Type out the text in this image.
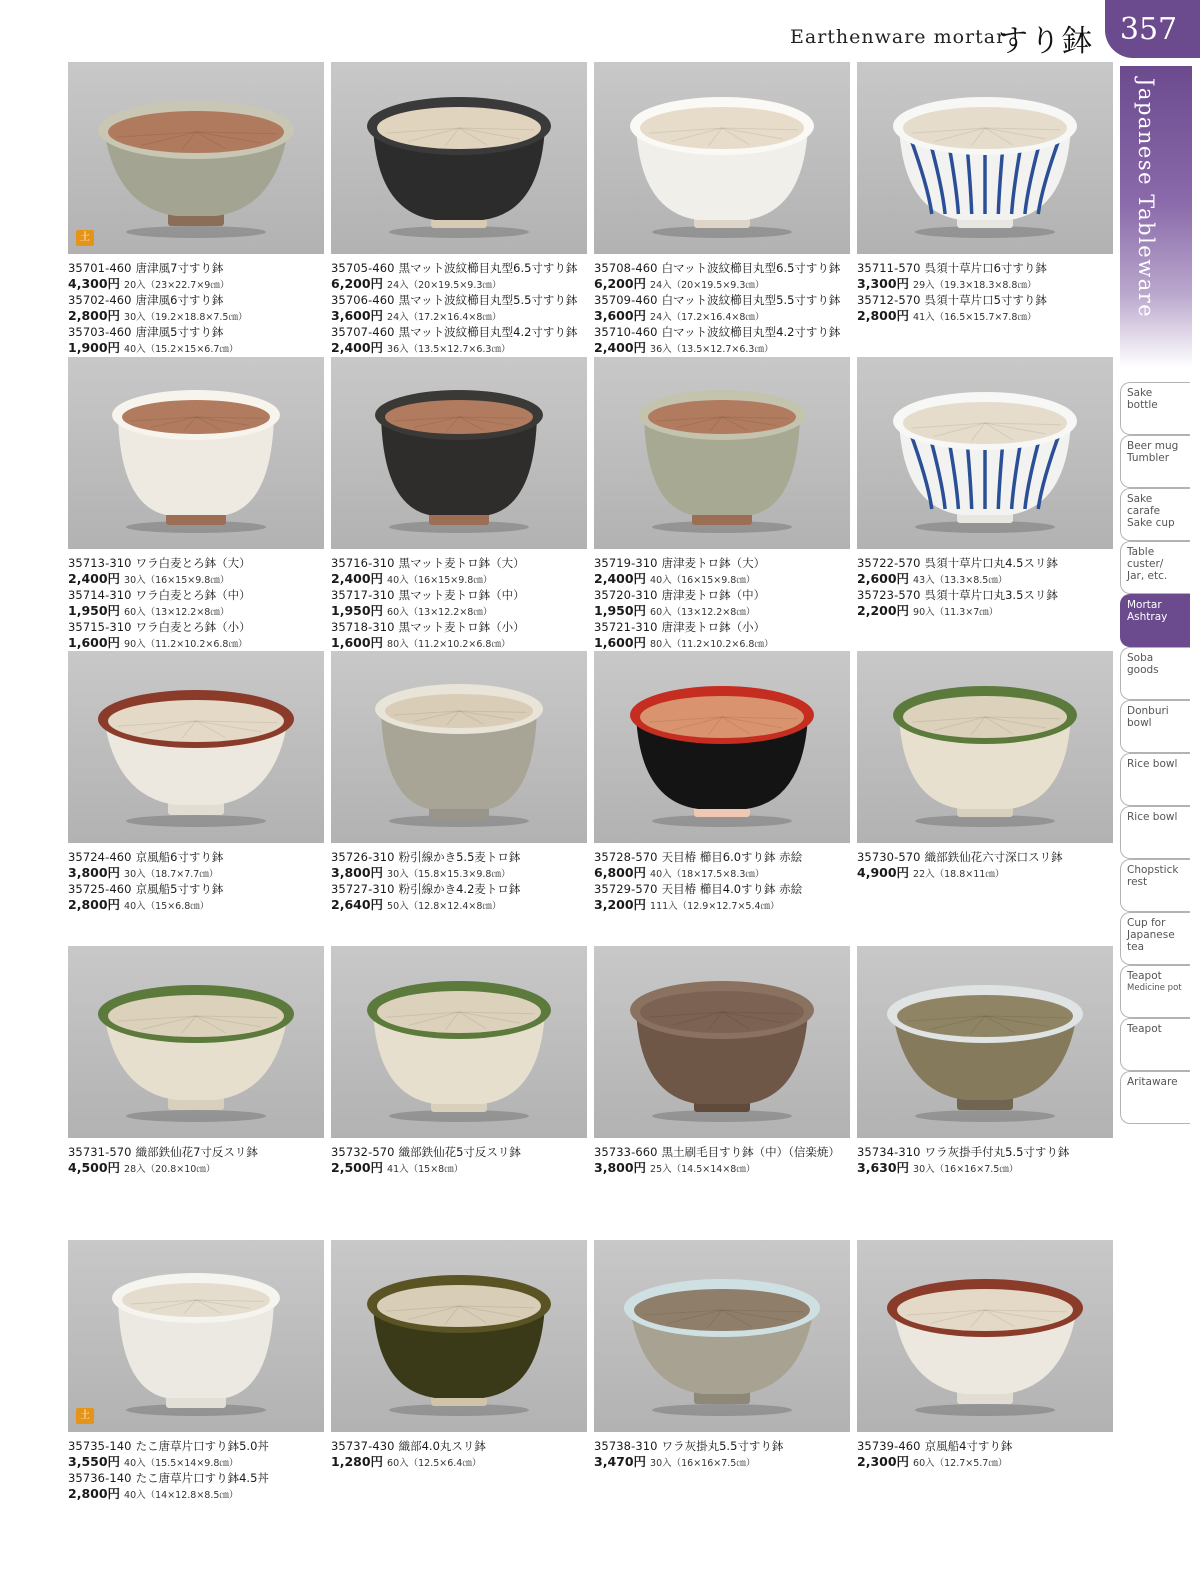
Earthenware mortar
すり鉢 357
Japanese Tableware
Sake
bottle
Beer mug
Tumbler
Sake
carafe
Sake cup
Table
custer/
Jar, etc.
Mortar
Ashtray
Soba
goods
Donburi
bowl
Rice bowl
Rice bowl
Chopstick
rest
Cup for
Japanese
tea
Teapot
Medicine pot
Teapot
Aritaware
土
35701-460 唐津風7寸すり鉢
4,300円 20入（23×22.7×9㎝）
35702-460 唐津風6寸すり鉢
2,800円 30入（19.2×18.8×7.5㎝）
35703-460 唐津風5寸すり鉢
1,900円 40入（15.2×15×6.7㎝）
35705-460 黒マット波紋櫛目丸型6.5寸すり鉢
6,200円 24入（20×19.5×9.3㎝）
35706-460 黒マット波紋櫛目丸型5.5寸すり鉢
3,600円 24入（17.2×16.4×8㎝）
35707-460 黒マット波紋櫛目丸型4.2寸すり鉢
2,400円 36入（13.5×12.7×6.3㎝）
35708-460 白マット波紋櫛目丸型6.5寸すり鉢
6,200円 24入（20×19.5×9.3㎝）
35709-460 白マット波紋櫛目丸型5.5寸すり鉢
3,600円 24入（17.2×16.4×8㎝）
35710-460 白マット波紋櫛目丸型4.2寸すり鉢
2,400円 36入（13.5×12.7×6.3㎝）
35711-570 呉須十草片口6寸すり鉢
3,300円 29入（19.3×18.3×8.8㎝）
35712-570 呉須十草片口5寸すり鉢
2,800円 41入（16.5×15.7×7.8㎝）
35713-310 ワラ白麦とろ鉢（大）
2,400円 30入（16×15×9.8㎝）
35714-310 ワラ白麦とろ鉢（中）
1,950円 60入（13×12.2×8㎝）
35715-310 ワラ白麦とろ鉢（小）
1,600円 90入（11.2×10.2×6.8㎝）
35716-310 黒マット麦トロ鉢（大）
2,400円 40入（16×15×9.8㎝）
35717-310 黒マット麦トロ鉢（中）
1,950円 60入（13×12.2×8㎝）
35718-310 黒マット麦トロ鉢（小）
1,600円 80入（11.2×10.2×6.8㎝）
35719-310 唐津麦トロ鉢（大）
2,400円 40入（16×15×9.8㎝）
35720-310 唐津麦トロ鉢（中）
1,950円 60入（13×12.2×8㎝）
35721-310 唐津麦トロ鉢（小）
1,600円 80入（11.2×10.2×6.8㎝）
35722-570 呉須十草片口丸4.5スリ鉢
2,600円 43入（13.3×8.5㎝）
35723-570 呉須十草片口丸3.5スリ鉢
2,200円 90入（11.3×7㎝）
35724-460 京風船6寸すり鉢
3,800円 30入（18.7×7.7㎝）
35725-460 京風船5寸すり鉢
2,800円 40入（15×6.8㎝）
35726-310 粉引線かき5.5麦トロ鉢
3,800円 30入（15.8×15.3×9.8㎝）
35727-310 粉引線かき4.2麦トロ鉢
2,640円 50入（12.8×12.4×8㎝）
35728-570 天目椿 櫛目6.0すり鉢 赤絵
6,800円 40入（18×17.5×8.3㎝）
35729-570 天目椿 櫛目4.0すり鉢 赤絵
3,200円 111入（12.9×12.7×5.4㎝）
35730-570 織部鉄仙花六寸深口スリ鉢
4,900円 22入（18.8×11㎝）
35731-570 織部鉄仙花7寸反スリ鉢
4,500円 28入（20.8×10㎝）
35732-570 織部鉄仙花5寸反スリ鉢
2,500円 41入（15×8㎝）
35733-660 黒土刷毛目すり鉢（中）（信楽焼）
3,800円 25入（14.5×14×8㎝）
35734-310 ワラ灰掛手付丸5.5寸すり鉢
3,630円 30入（16×16×7.5㎝）
土
35735-140 たこ唐草片口すり鉢5.0丼
3,550円 40入（15.5×14×9.8㎝）
35736-140 たこ唐草片口すり鉢4.5丼
2,800円 40入（14×12.8×8.5㎝）
35737-430 織部4.0丸スリ鉢
1,280円 60入（12.5×6.4㎝）
35738-310 ワラ灰掛丸5.5寸すり鉢
3,470円 30入（16×16×7.5㎝）
35739-460 京風船4寸すり鉢
2,300円 60入（12.7×5.7㎝）
